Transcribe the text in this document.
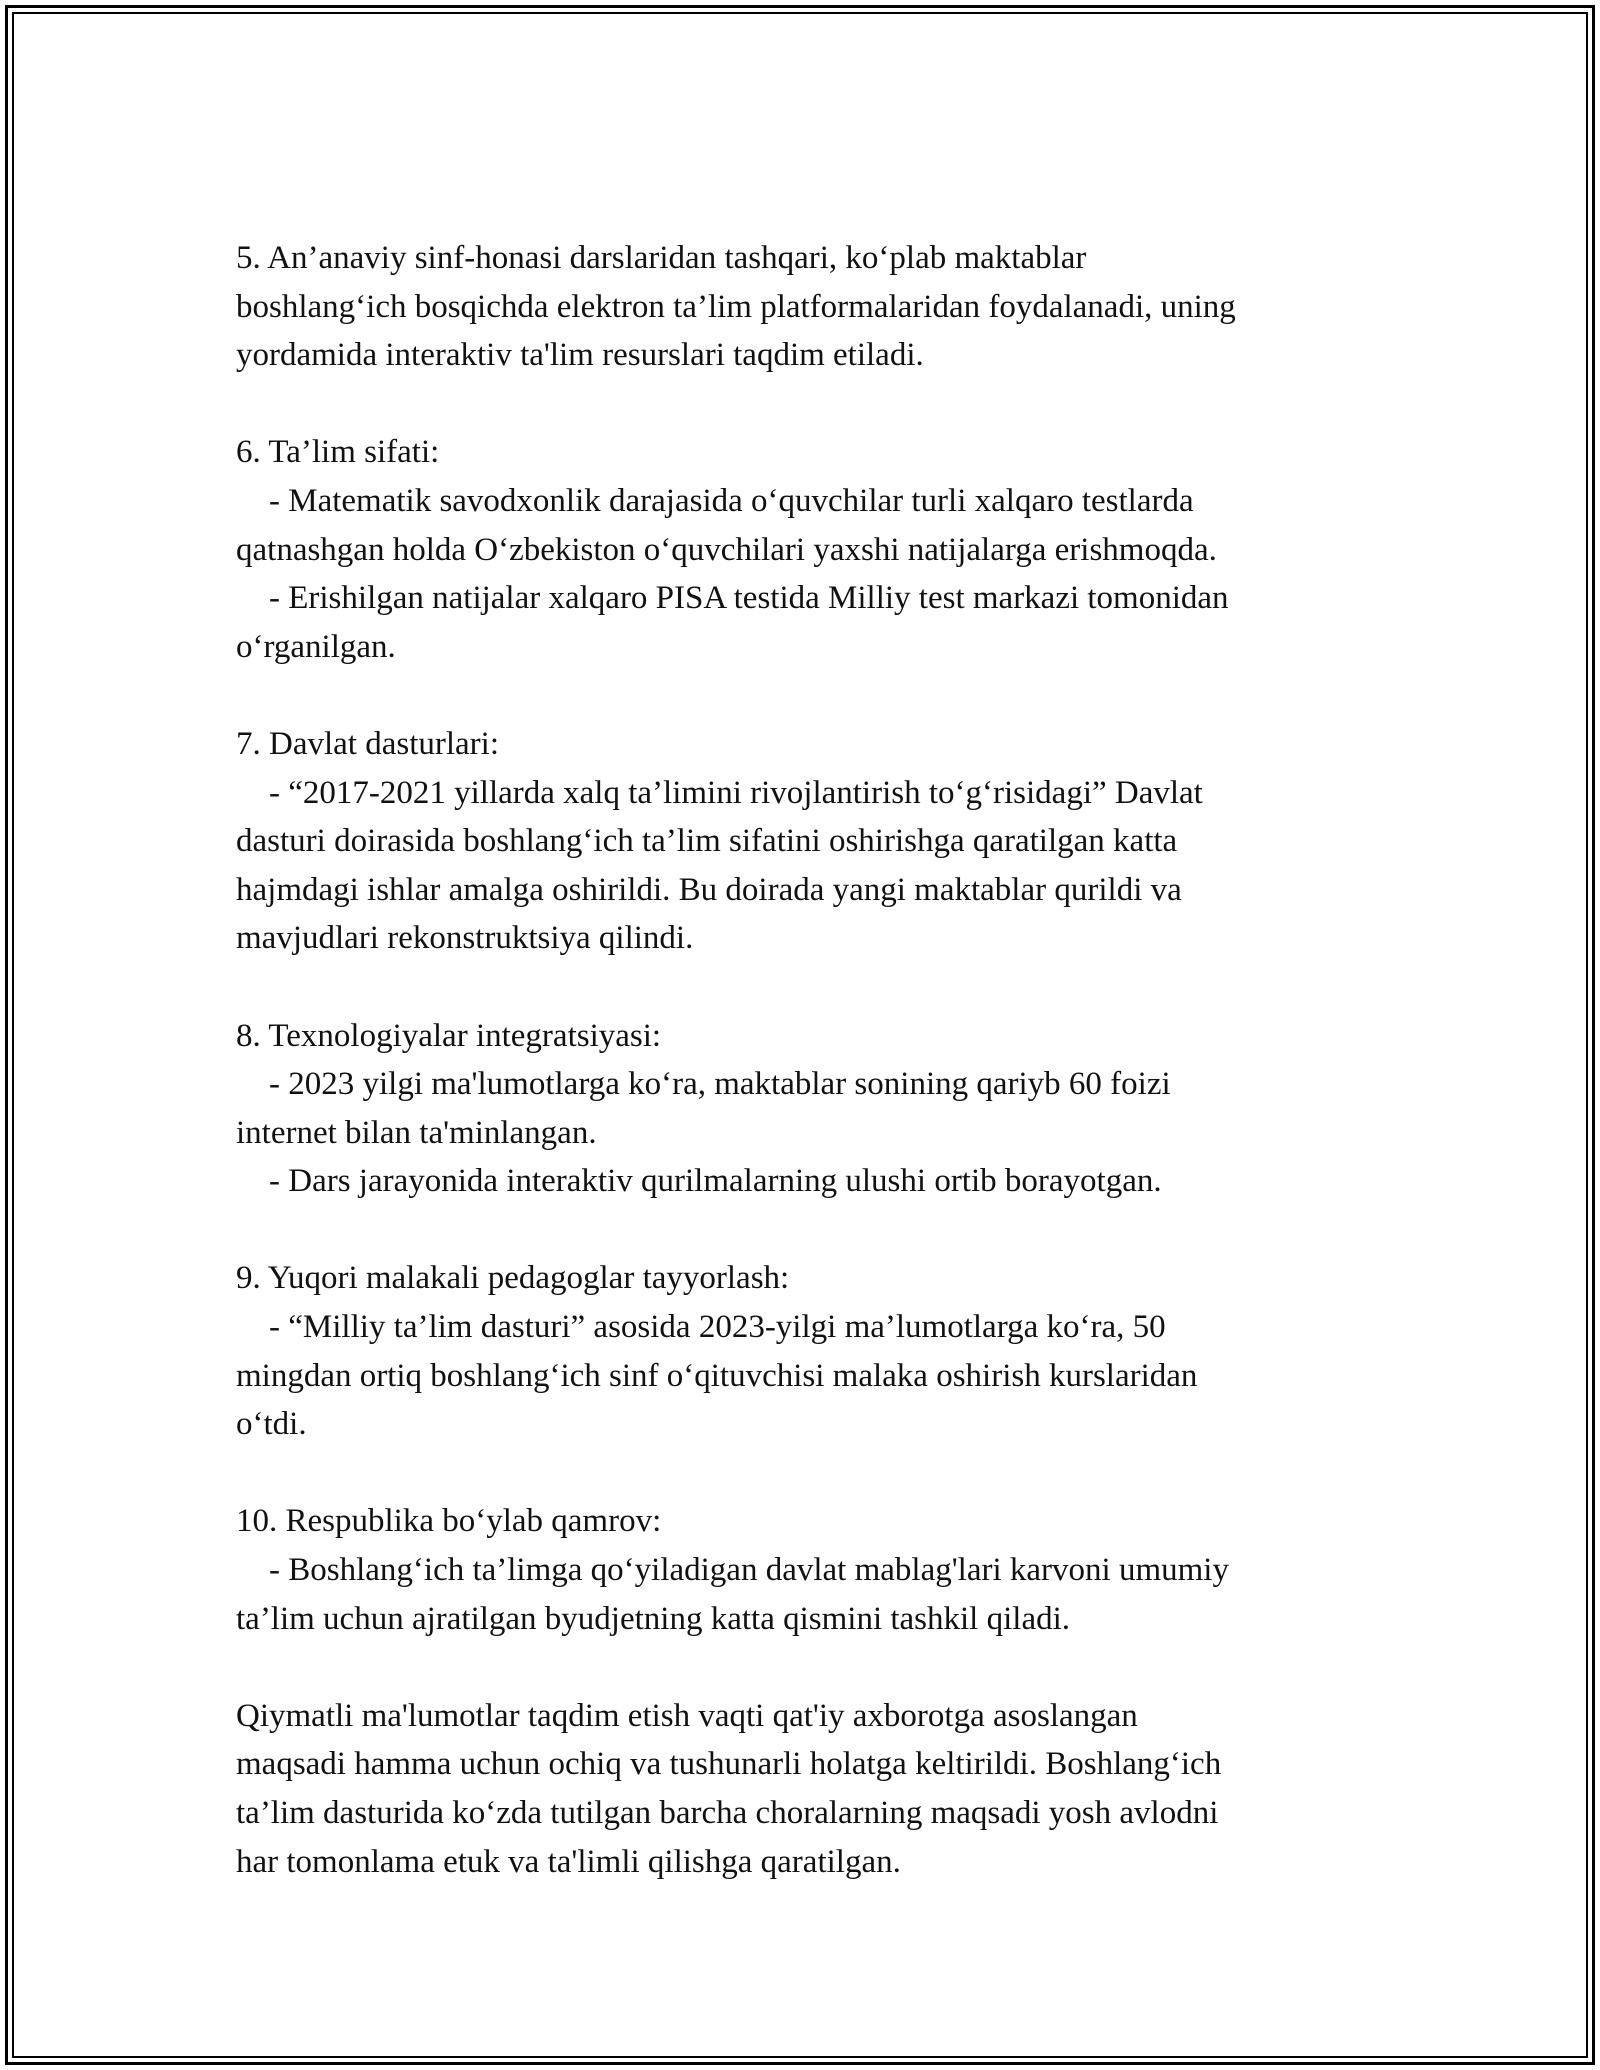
5. An’anaviy sinf-honasi darslaridan tashqari, ko‘plab maktablar
boshlang‘ich bosqichda elektron ta’lim platformalaridan foydalanadi, uning
yordamida interaktiv ta'lim resurslari taqdim etiladi.
6. Ta’lim sifati:
- Matematik savodxonlik darajasida o‘quvchilar turli xalqaro testlarda
qatnashgan holda O‘zbekiston o‘quvchilari yaxshi natijalarga erishmoqda.
- Erishilgan natijalar xalqaro PISA testida Milliy test markazi tomonidan
o‘rganilgan.
7. Davlat dasturlari:
- “2017-2021 yillarda xalq ta’limini rivojlantirish to‘g‘risidagi” Davlat
dasturi doirasida boshlang‘ich ta’lim sifatini oshirishga qaratilgan katta
hajmdagi ishlar amalga oshirildi. Bu doirada yangi maktablar qurildi va
mavjudlari rekonstruktsiya qilindi.
8. Texnologiyalar integratsiyasi:
- 2023 yilgi ma'lumotlarga ko‘ra, maktablar sonining qariyb 60 foizi
internet bilan ta'minlangan.
- Dars jarayonida interaktiv qurilmalarning ulushi ortib borayotgan.
9. Yuqori malakali pedagoglar tayyorlash:
- “Milliy ta’lim dasturi” asosida 2023-yilgi ma’lumotlarga ko‘ra, 50
mingdan ortiq boshlang‘ich sinf o‘qituvchisi malaka oshirish kurslaridan
o‘tdi.
10. Respublika bo‘ylab qamrov:
- Boshlang‘ich ta’limga qo‘yiladigan davlat mablag'lari karvoni umumiy
ta’lim uchun ajratilgan byudjetning katta qismini tashkil qiladi.
Qiymatli ma'lumotlar taqdim etish vaqti qat'iy axborotga asoslangan
maqsadi hamma uchun ochiq va tushunarli holatga keltirildi. Boshlang‘ich
ta’lim dasturida ko‘zda tutilgan barcha choralarning maqsadi yosh avlodni
har tomonlama etuk va ta'limli qilishga qaratilgan.
